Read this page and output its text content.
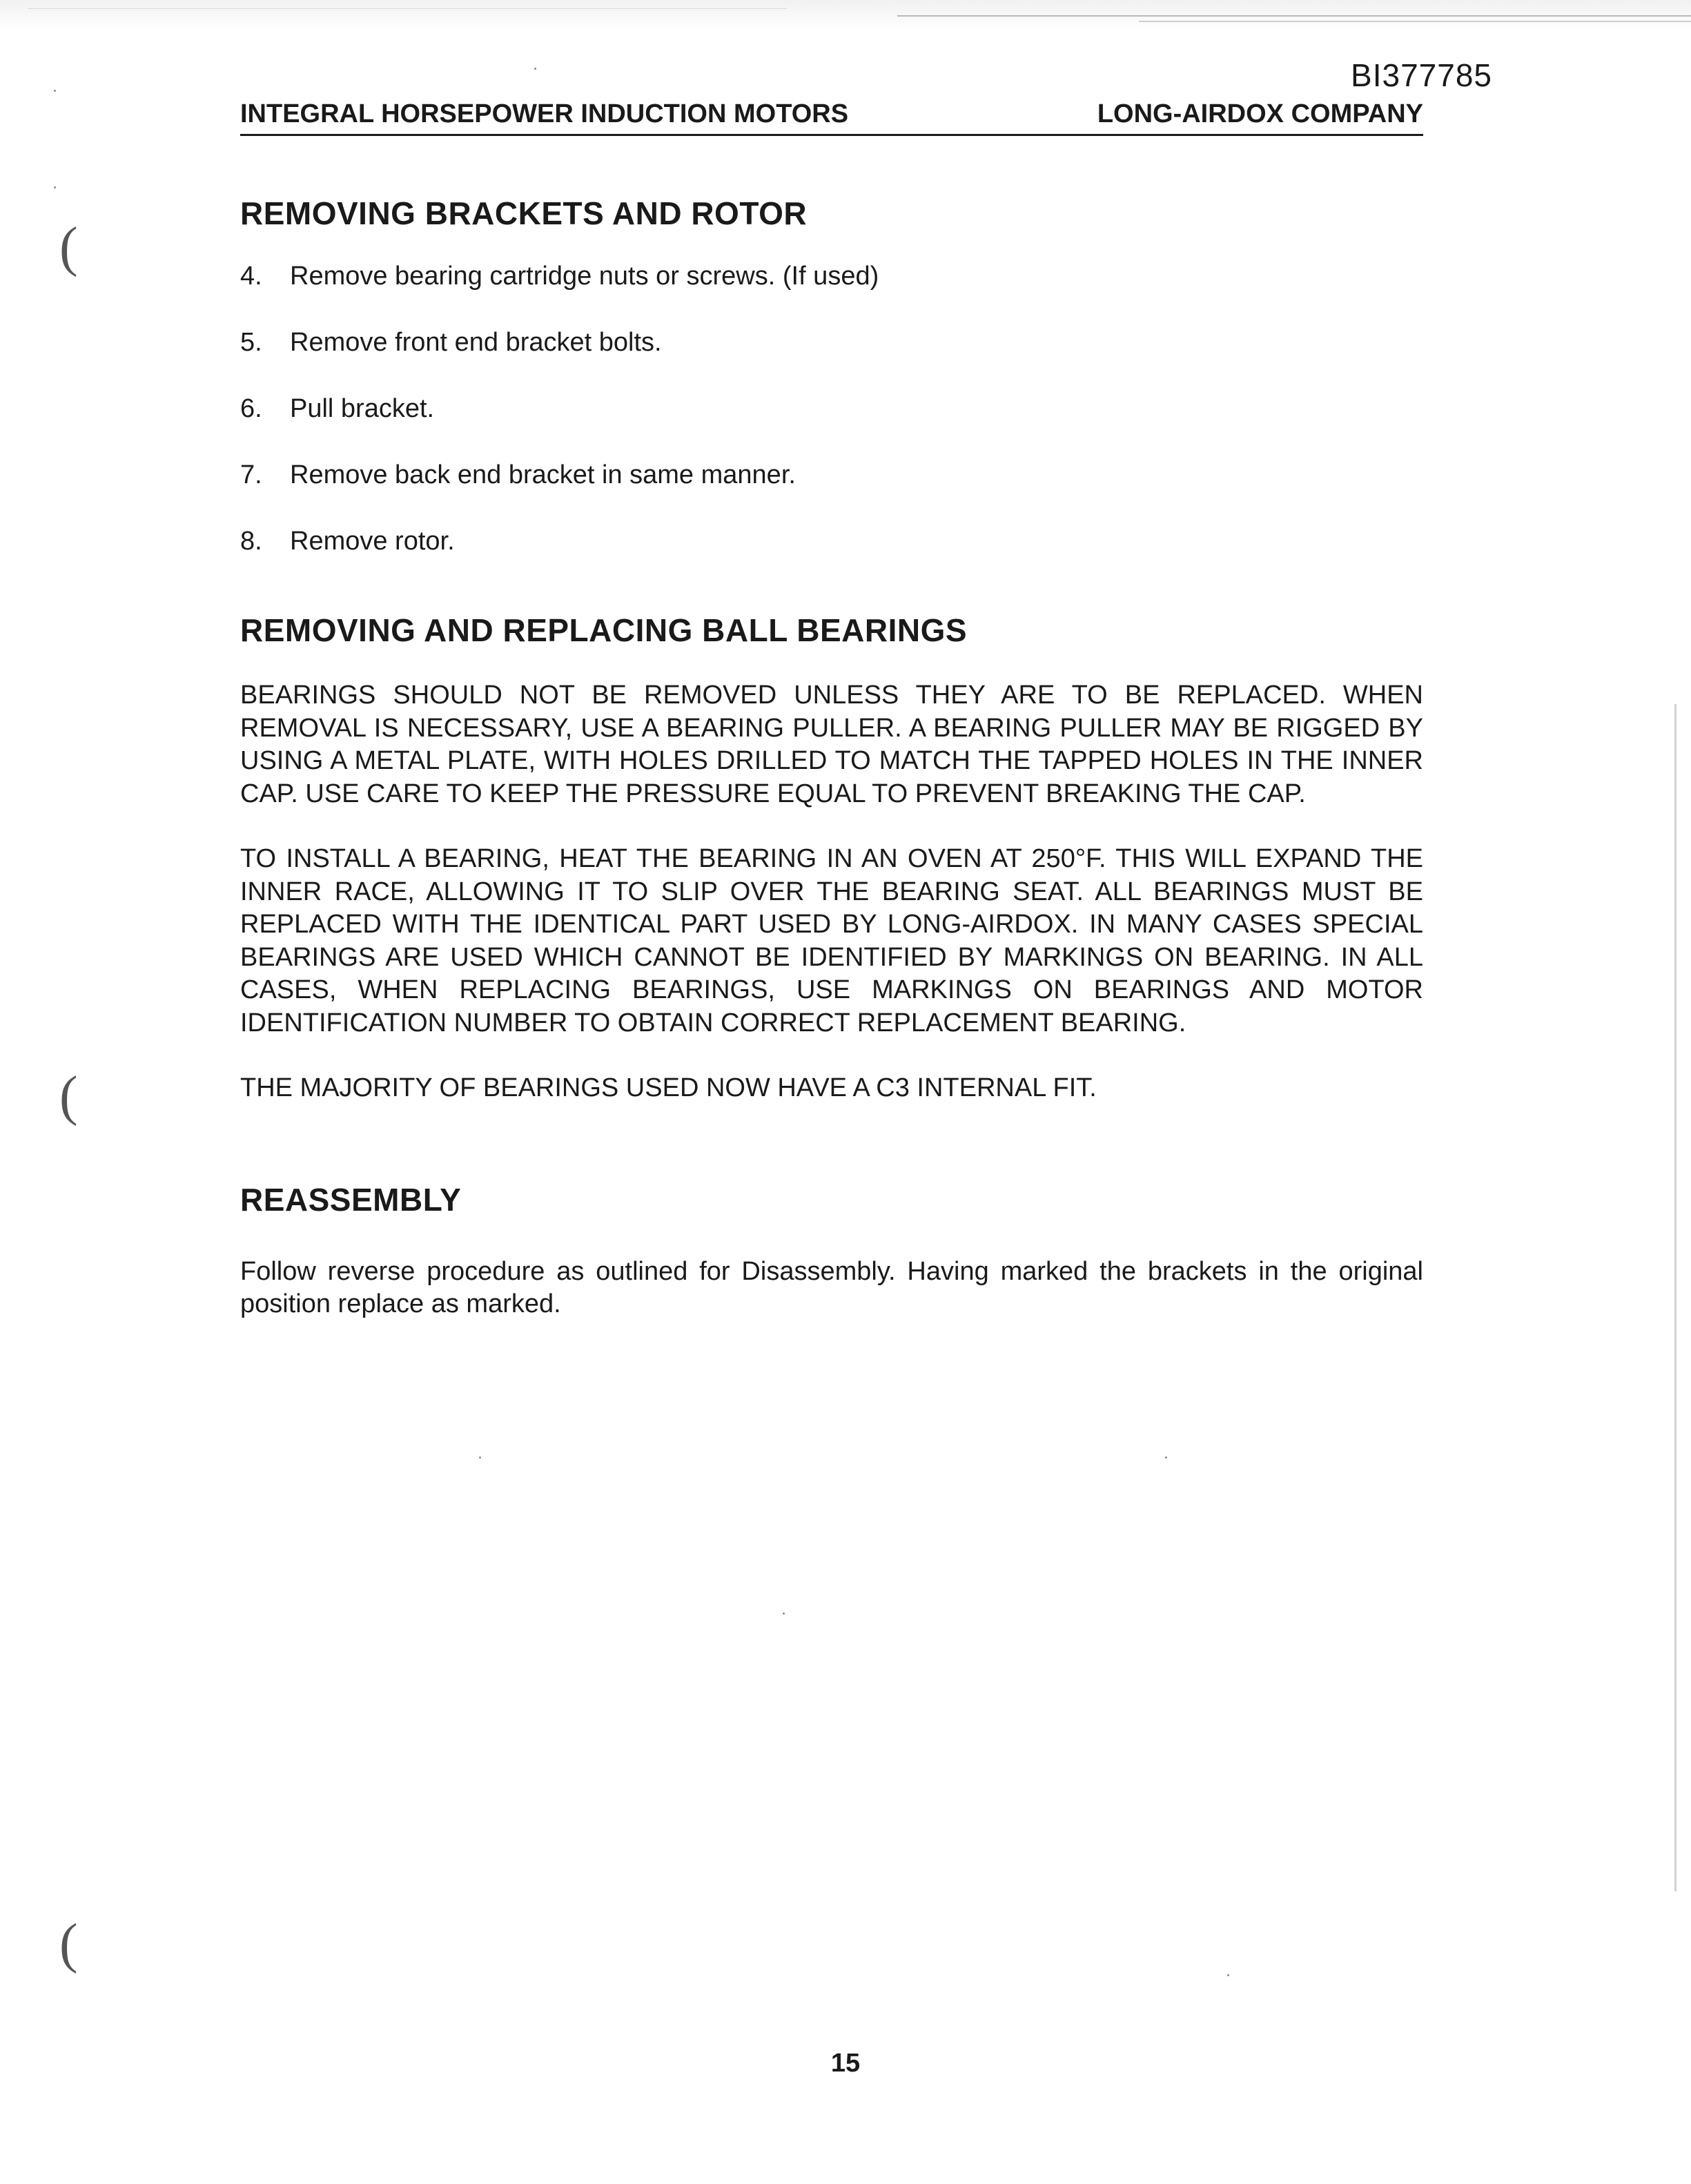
(
(
(
BI377785
INTEGRAL HORSEPOWER INDUCTION MOTORS	LONG-AIRDOX COMPANY
REMOVING BRACKETS AND ROTOR
4.	Remove bearing cartridge nuts or screws. (If used)
5.	Remove front end bracket bolts.
6.	Pull bracket.
7.	Remove back end bracket in same manner.
8.	Remove rotor.
REMOVING AND REPLACING BALL BEARINGS

BEARINGS SHOULD NOT BE REMOVED UNLESS THEY ARE TO BE REPLACED. WHEN REMOVAL IS NECESSARY, USE A BEARING PULLER. A BEARING PULLER MAY BE RIGGED BY USING A METAL PLATE, WITH HOLES DRILLED TO MATCH THE TAPPED HOLES IN THE INNER CAP. USE CARE TO KEEP THE PRESSURE EQUAL TO PREVENT BREAKING THE CAP.

TO INSTALL A BEARING, HEAT THE BEARING IN AN OVEN AT 250°F. THIS WILL EXPAND THE INNER RACE, ALLOWING IT TO SLIP OVER THE BEARING SEAT. ALL BEARINGS MUST BE REPLACED WITH THE IDENTICAL PART USED BY LONG-AIRDOX. IN MANY CASES SPECIAL BEARINGS ARE USED WHICH CANNOT BE IDENTIFIED BY MARKINGS ON BEARING. IN ALL CASES, WHEN REPLACING BEARINGS, USE MARKINGS ON BEARINGS AND MOTOR IDENTIFICATION NUMBER TO OBTAIN CORRECT REPLACEMENT BEARING.

THE MAJORITY OF BEARINGS USED NOW HAVE A C3 INTERNAL FIT.

REASSEMBLY

Follow reverse procedure as outlined for Disassembly. Having marked the brackets in the original position replace as marked.

15
